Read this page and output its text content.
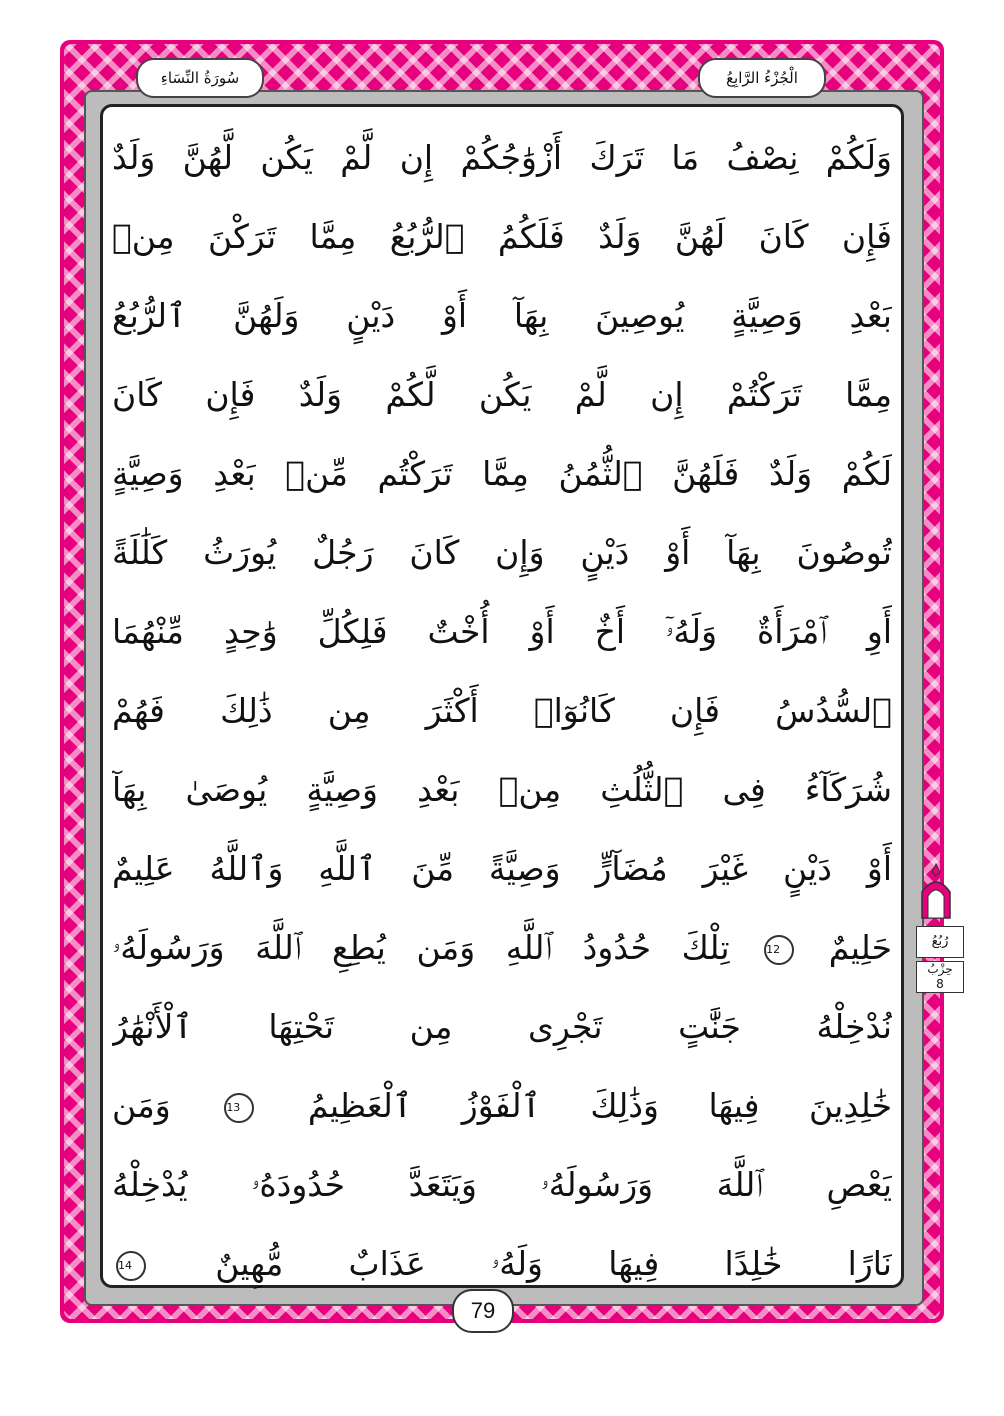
الْجُزْءُ الرَّابِعُ
سُورَةُ النِّسَاءِ
وَلَكُمْ نِصْفُ مَا تَرَكَ أَزْوَٰجُكُمْ إِن لَّمْ يَكُن لَّهُنَّ وَلَدٌ
فَإِن كَانَ لَهُنَّ وَلَدٌ فَلَكُمُ ٱلرُّبُعُ مِمَّا تَرَكْنَ مِنۢ
بَعْدِ وَصِيَّةٍ يُوصِينَ بِهَآ أَوْ دَيْنٍ وَلَهُنَّ ٱلرُّبُعُ
مِمَّا تَرَكْتُمْ إِن لَّمْ يَكُن لَّكُمْ وَلَدٌ فَإِن كَانَ
لَكُمْ وَلَدٌ فَلَهُنَّ ٱلثُّمُنُ مِمَّا تَرَكْتُم مِّنۢ بَعْدِ وَصِيَّةٍ
تُوصُونَ بِهَآ أَوْ دَيْنٍ وَإِن كَانَ رَجُلٌ يُورَثُ كَلَٰلَةً
أَوِ ٱمْرَأَةٌ وَلَهُۥٓ أَخٌ أَوْ أُخْتٌ فَلِكُلِّ وَٰحِدٍ مِّنْهُمَا
ٱلسُّدُسُ فَإِن كَانُوٓا۟ أَكْثَرَ مِن ذَٰلِكَ فَهُمْ
شُرَكَآءُ فِى ٱلثُّلُثِ مِنۢ بَعْدِ وَصِيَّةٍ يُوصَىٰ بِهَآ
أَوْ دَيْنٍ غَيْرَ مُضَآرٍّ وَصِيَّةً مِّنَ ٱللَّهِ وَٱللَّهُ عَلِيمٌ
حَلِيمٌ 12 تِلْكَ حُدُودُ ٱللَّهِ وَمَن يُطِعِ ٱللَّهَ وَرَسُولَهُۥ
نُدْخِلْهُ جَنَّٰتٍ تَجْرِى مِن تَحْتِهَا ٱلْأَنْهَٰرُ
خَٰلِدِينَ فِيهَا وَذَٰلِكَ ٱلْفَوْزُ ٱلْعَظِيمُ 13 وَمَن
يَعْصِ ٱللَّهَ وَرَسُولَهُۥ وَيَتَعَدَّ حُدُودَهُۥ يُدْخِلْهُ
نَارًا خَٰلِدًا فِيهَا وَلَهُۥ عَذَابٌ مُّهِينٌ 14
79
رُبُعُ
حِزْبُ
8
